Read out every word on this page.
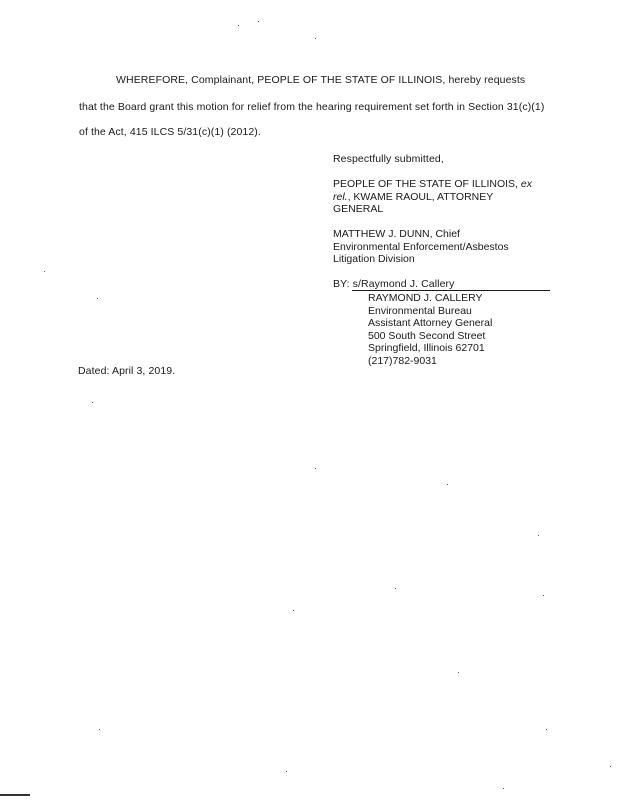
WHEREFORE, Complainant, PEOPLE OF THE STATE OF ILLINOIS, hereby requests
that the Board grant this motion for relief from the hearing requirement set forth in Section 31(c)(1)
of the Act, 415 ILCS 5/31(c)(1) (2012).
Respectfully submitted,
PEOPLE OF THE STATE OF ILLINOIS, ex
rel., KWAME RAOUL, ATTORNEY
GENERAL
MATTHEW J. DUNN, Chief
Environmental Enforcement/Asbestos
Litigation Division
BY: s/Raymond J. Callery
RAYMOND J. CALLERY
Environmental Bureau
Assistant Attorney General
500 South Second Street
Springfield, Illinois 62701
(217)782-9031
Dated: April 3, 2019.
